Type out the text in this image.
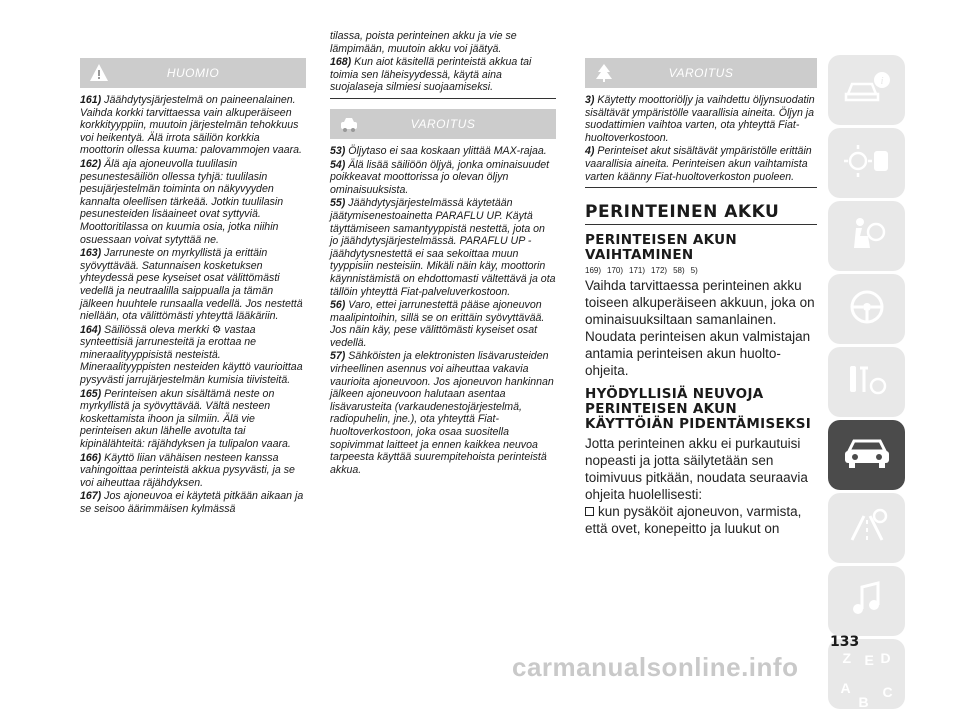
HUOMIO
161) Jäähdytysjärjestelmä on paineenalainen. Vaihda korkki tarvittaessa vain alkuperäiseen korkkityyppiin, muutoin järjestelmän tehokkuus voi heikentyä. Älä irrota säiliön korkkia moottorin ollessa kuuma: palovammojen vaara.
162) Älä aja ajoneuvolla tuulilasin pesunestesäiliön ollessa tyhjä: tuulilasin pesujärjestelmän toiminta on näkyvyyden kannalta oleellisen tärkeää. Jotkin tuulilasin pesunesteiden lisäaineet ovat syttyviä. Moottoritilassa on kuumia osia, jotka niihin osuessaan voivat sytyttää ne.
163) Jarruneste on myrkyllistä ja erittäin syövyttävää. Satunnaisen kosketuksen yhteydessä pese kyseiset osat välittömästi vedellä ja neutraalilla saippualla ja tämän jälkeen huuhtele runsaalla vedellä. Jos nestettä niellään, ota välittömästi yhteyttä lääkäriin.
164) Säiliössä oleva merkki ⚙ vastaa synteettisiä jarrunesteitä ja erottaa ne mineraalityyppisistä nesteistä. Mineraalityyppisten nesteiden käyttö vaurioittaa pysyvästi jarrujärjestelmän kumisia tiivisteitä.
165) Perinteisen akun sisältämä neste on myrkyllistä ja syövyttävää. Vältä nesteen koskettamista ihoon ja silmiin. Älä vie perinteisen akun lähelle avotulta tai kipinälähteitä: räjähdyksen ja tulipalon vaara.
166) Käyttö liian vähäisen nesteen kanssa vahingoittaa perinteistä akkua pysyvästi, ja se voi aiheuttaa räjähdyksen.
167) Jos ajoneuvoa ei käytetä pitkään aikaan ja se seisoo äärimmäisen kylmässä
tilassa, poista perinteinen akku ja vie se lämpimään, muutoin akku voi jäätyä.
168) Kun aiot käsitellä perinteistä akkua tai toimia sen läheisyydessä, käytä aina suojalaseja silmiesi suojaamiseksi.
VAROITUS
53) Öljytaso ei saa koskaan ylittää MAX-rajaa.
54) Älä lisää säiliöön öljyä, jonka ominaisuudet poikkeavat moottorissa jo olevan öljyn ominaisuuksista.
55) Jäähdytysjärjestelmässä käytetään jäätymisenestoainetta PARAFLU UP. Käytä täyttämiseen samantyyppistä nestettä, jota on jo jäähdytysjärjestelmässä. PARAFLU UP -jäähdytysnestettä ei saa sekoittaa muun tyyppisiin nesteisiin. Mikäli näin käy, moottorin käynnistämistä on ehdottomasti vältettävä ja ota tällöin yhteyttä Fiat-palveluverkostoon.
56) Varo, ettei jarrunestettä pääse ajoneuvon maalipintoihin, sillä se on erittäin syövyttävää. Jos näin käy, pese välittömästi kyseiset osat vedellä.
57) Sähköisten ja elektronisten lisävarusteiden virheellinen asennus voi aiheuttaa vakavia vaurioita ajoneuvoon. Jos ajoneuvon hankinnan jälkeen ajoneuvoon halutaan asentaa lisävarusteita (varkaudenestojärjestelmä, radiopuhelin, jne.), ota yhteyttä Fiat-huoltoverkostoon, joka osaa suositella sopivimmat laitteet ja ennen kaikkea neuvoa tarpeesta käyttää suurempitehoista perinteistä akkua.
VAROITUS
3) Käytetty moottoriöljy ja vaihdettu öljynsuodatin sisältävät ympäristölle vaarallisia aineita. Öljyn ja suodattimien vaihtoa varten, ota yhteyttä Fiat-huoltoverkostoon.
4) Perinteiset akut sisältävät ympäristölle erittäin vaarallisia aineita. Perinteisen akun vaihtamista varten käänny Fiat-huoltoverkoston puoleen.
PERINTEINEN AKKU
PERINTEISEN AKUN VAIHTAMINEN
169) 170) 171) 172) 58) 5)
Vaihda tarvittaessa perinteinen akku toiseen alkuperäiseen akkuun, joka on ominaisuuksiltaan samanlainen. Noudata perinteisen akun valmistajan antamia perinteisen akun huolto-ohjeita.
HYÖDYLLISIÄ NEUVOJA PERINTEISEN AKUN KÄYTTÖIÄN PIDENTÄMISEKSI
Jotta perinteinen akku ei purkautuisi nopeasti ja jotta säilytetään sen toimivuus pitkään, noudata seuraavia ohjeita huolellisesti:
kun pysäköit ajoneuvon, varmista, että ovet, konepeitto ja luukut on
i
A
B
C
D
E
Z
133
carmanualsonline.info
